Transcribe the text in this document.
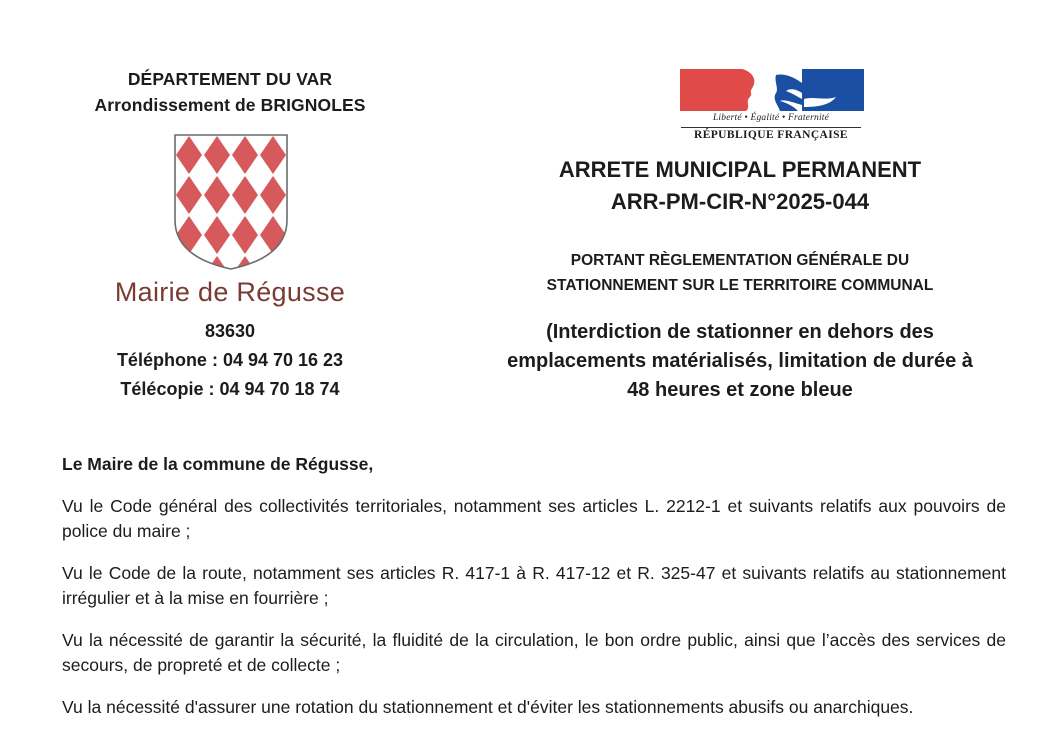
DÉPARTEMENT DU VAR
Arrondissement de BRIGNOLES
Mairie de Régusse
83630
Téléphone : 04 94 70 16 23
Télécopie : 04 94 70 18 74
Liberté • Égalité • Fraternité
RÉPUBLIQUE FRANÇAISE
ARRETE MUNICIPAL PERMANENT
ARR-PM-CIR-N°2025-044
PORTANT RÈGLEMENTATION GÉNÉRALE DU
STATIONNEMENT SUR LE TERRITOIRE COMMUNAL
(Interdiction de stationner en dehors des
emplacements matérialisés, limitation de durée à
48 heures et zone bleue

Le Maire de la commune de Régusse,

Vu le Code général des collectivités territoriales, notamment ses articles L. 2212-1 et suivants relatifs aux pouvoirs de police du maire ;

Vu le Code de la route, notamment ses articles R. 417-1 à R. 417-12 et R. 325-47 et suivants relatifs au stationnement irrégulier et à la mise en fourrière ;

Vu la nécessité de garantir la sécurité, la fluidité de la circulation, le bon ordre public, ainsi que l’accès des services de secours, de propreté et de collecte ;

Vu la nécessité d'assurer une rotation du stationnement et d'éviter les stationnements abusifs ou anarchiques.
